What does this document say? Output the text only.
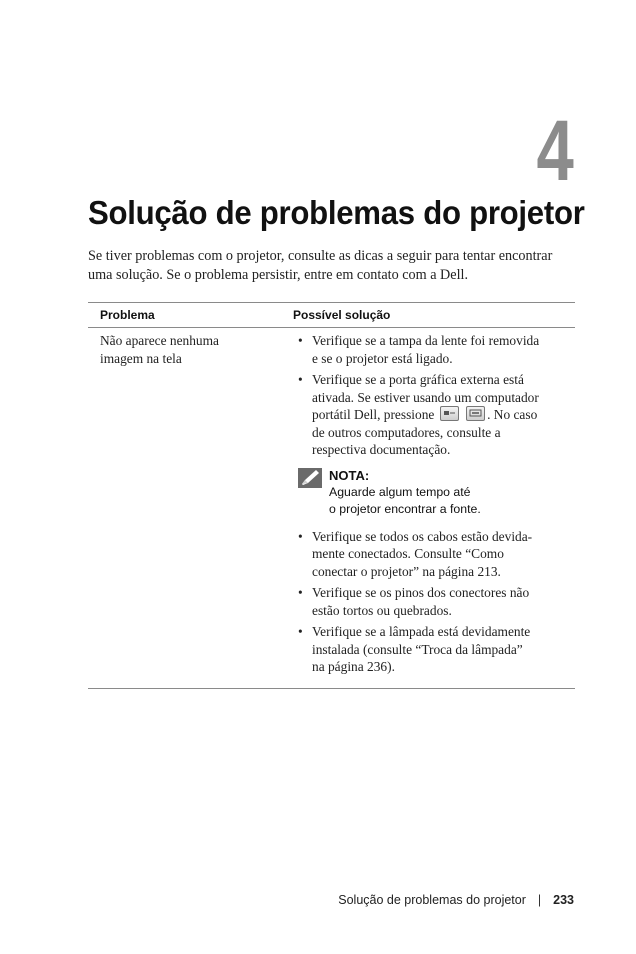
4
Solução de problemas do projetor
Se tiver problemas com o projetor, consulte as dicas a seguir para tentar encontrar
uma solução. Se o problema persistir, entre em contato com a Dell.
Problema	Possível solução
Não aparece nenhuma
imagem na tela
• Verifique se a tampa da lente foi removida
e se o projetor está ligado.
• Verifique se a porta gráfica externa está
ativada. Se estiver usando um computador
portátil Dell, pressione
	. No caso
de outros computadores, consulte a
respectiva documentação.
NOTA:
Aguarde algum tempo até
o projetor encontrar a fonte.
• Verifique se todos os cabos estão devida-
mente conectados. Consulte “Como
conectar o projetor” na página 213.
• Verifique se os pinos dos conectores não
estão tortos ou quebrados.
• Verifique se a lâmpada está devidamente
instalada (consulte “Troca da lâmpada”
na página 236).
Solução de problemas do projetor | 233
